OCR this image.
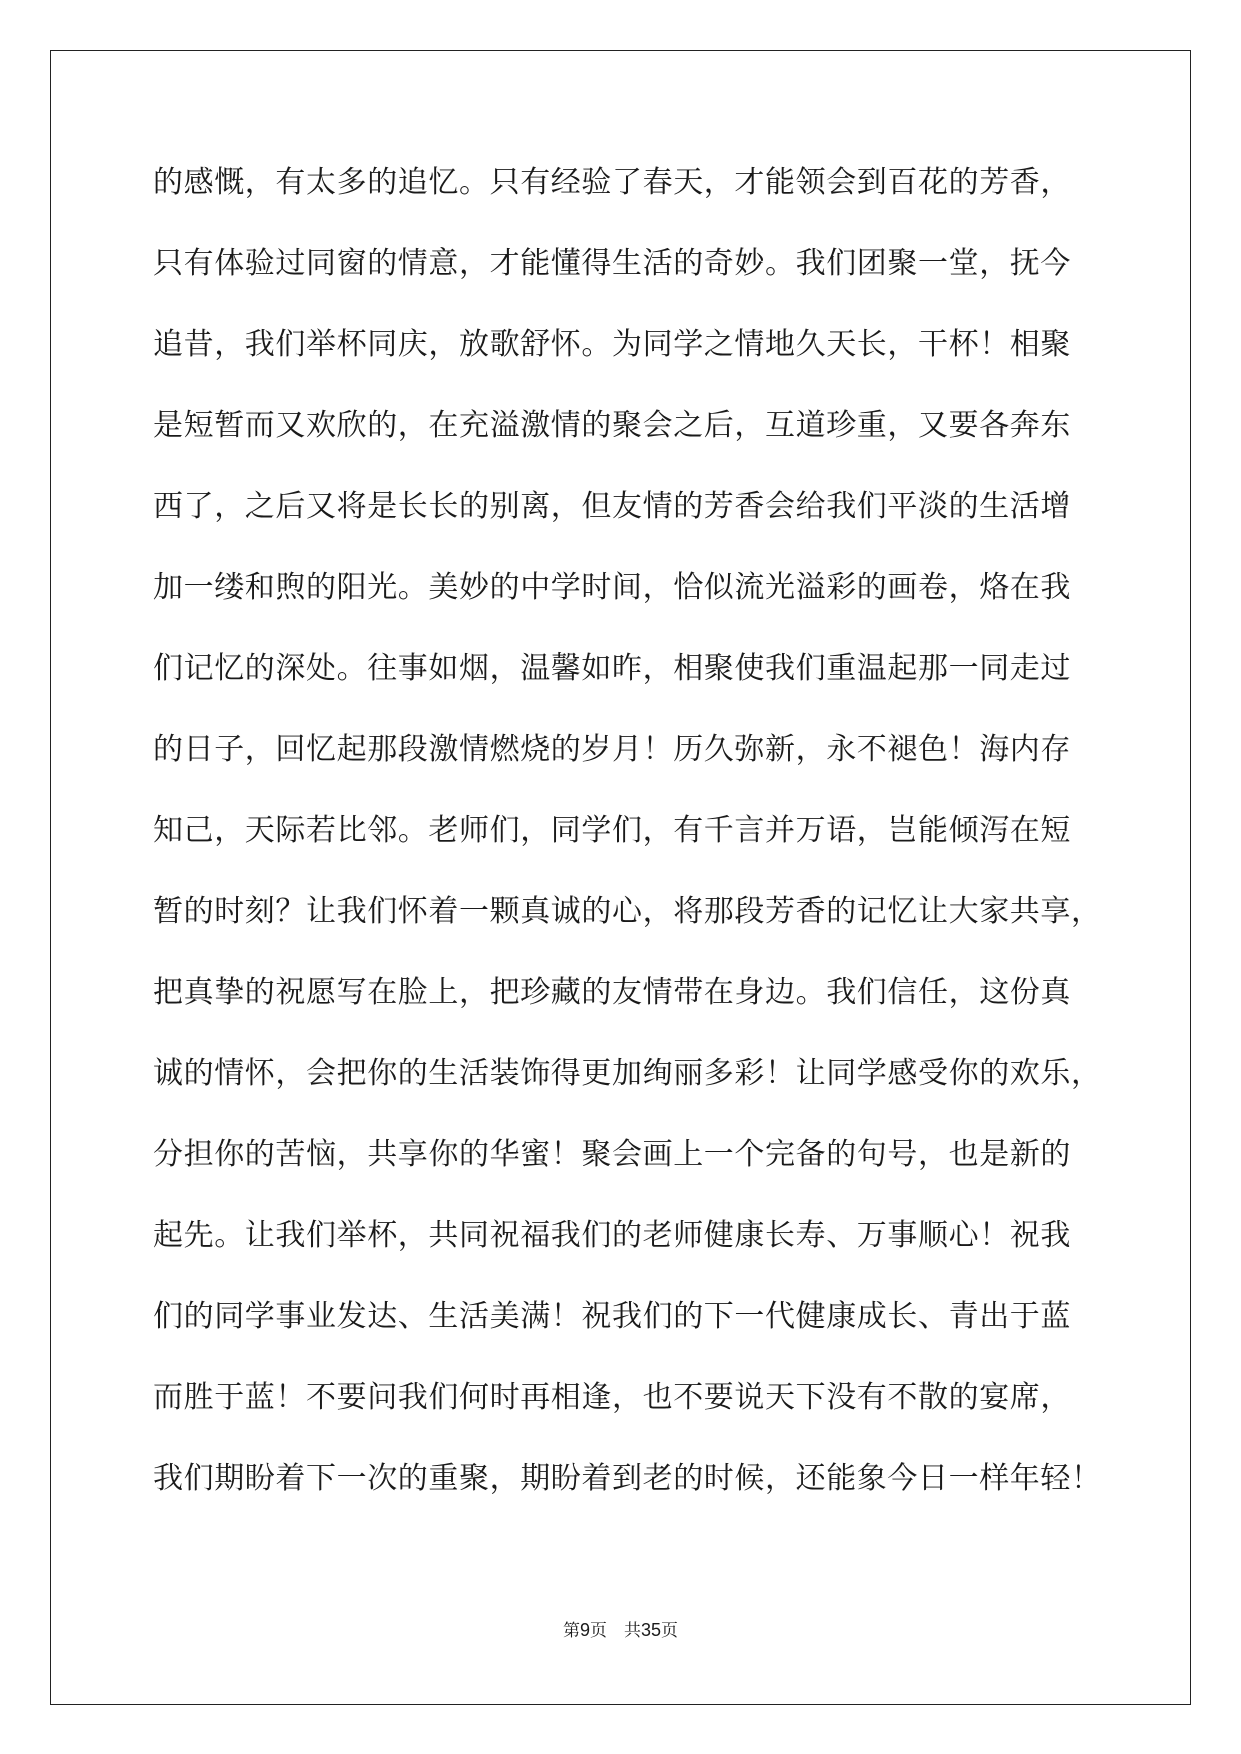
的感慨，有太多的追忆。只有经验了春天，才能领会到百花的芳香，
只有体验过同窗的情意，才能懂得生活的奇妙。我们团聚一堂，抚今
追昔，我们举杯同庆，放歌舒怀。为同学之情地久天长，干杯！相聚
是短暂而又欢欣的，在充溢激情的聚会之后，互道珍重，又要各奔东
西了，之后又将是长长的别离，但友情的芳香会给我们平淡的生活增
加一缕和煦的阳光。美妙的中学时间，恰似流光溢彩的画卷，烙在我
们记忆的深处。往事如烟，温馨如昨，相聚使我们重温起那一同走过
的日子，回忆起那段激情燃烧的岁月！历久弥新，永不褪色！海内存
知己，天际若比邻。老师们，同学们，有千言并万语，岂能倾泻在短
暂的时刻？让我们怀着一颗真诚的心，将那段芳香的记忆让大家共享，
把真挚的祝愿写在脸上，把珍藏的友情带在身边。我们信任，这份真
诚的情怀，会把你的生活装饰得更加绚丽多彩！让同学感受你的欢乐，
分担你的苦恼，共享你的华蜜！聚会画上一个完备的句号，也是新的
起先。让我们举杯，共同祝福我们的老师健康长寿、万事顺心！祝我
们的同学事业发达、生活美满！祝我们的下一代健康成长、青出于蓝
而胜于蓝！不要问我们何时再相逢，也不要说天下没有不散的宴席，
我们期盼着下一次的重聚，期盼着到老的时候，还能象今日一样年轻！
第9页　共35页
